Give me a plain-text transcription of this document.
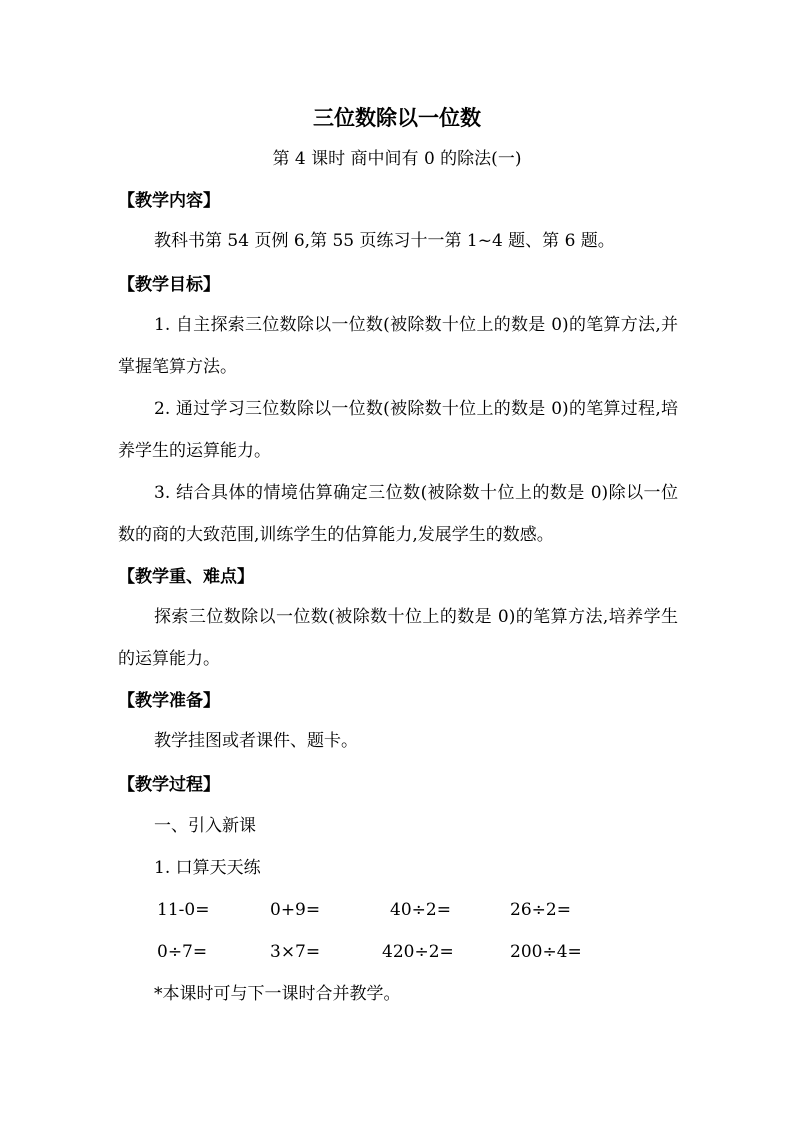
三位数除以一位数
第 4 课时 商中间有 0 的除法(一)
【教学内容】
教科书第 54 页例 6,第 55 页练习十一第 1~4 题、第 6 题。
【教学目标】
1. 自主探索三位数除以一位数(被除数十位上的数是 0)的笔算方法,并掌握笔算方法。
2. 通过学习三位数除以一位数(被除数十位上的数是 0)的笔算过程,培养学生的运算能力。
3. 结合具体的情境估算确定三位数(被除数十位上的数是 0)除以一位数的商的大致范围,训练学生的估算能力,发展学生的数感。
【教学重、难点】
探索三位数除以一位数(被除数十位上的数是 0)的笔算方法,培养学生的运算能力。
【教学准备】
教学挂图或者课件、题卡。
【教学过程】
一、引入新课
1. 口算天天练
11-0=	0+9=	40÷2=	26÷2=
0÷7=	3×7=	420÷2=	200÷4=
*本课时可与下一课时合并教学。
